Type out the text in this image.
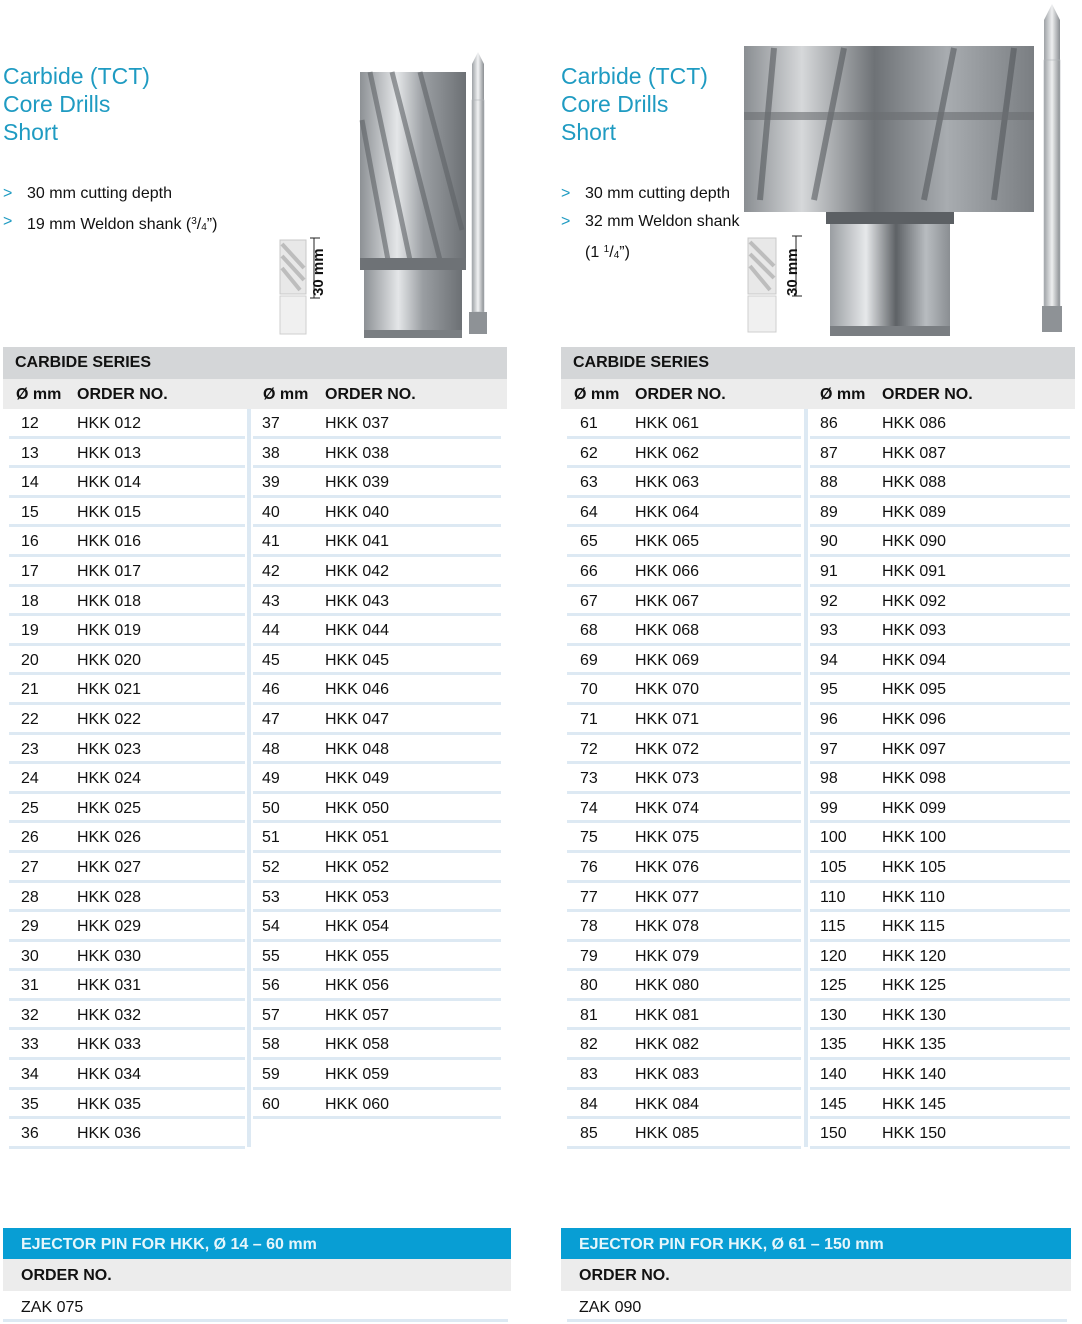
Carbide (TCT)
Core Drills
Short
> 30 mm cutting depth
> 19 mm Weldon shank ($^3$/4”)
30 mm
CARBIDE SERIES
Ø mm ORDER NO.	Ø mm ORDER NO.
12 HKK 012
13 HKK 013
14 HKK 014
15 HKK 015
16 HKK 016
17 HKK 017
18 HKK 018
19 HKK 019
20 HKK 020
21 HKK 021
22 HKK 022
23 HKK 023
24 HKK 024
25 HKK 025
26 HKK 026
27 HKK 027
28 HKK 028
29 HKK 029
30 HKK 030
31 HKK 031
32 HKK 032
33 HKK 033
34 HKK 034
35 HKK 035
36 HKK 036
37	HKK 037
38	HKK 038
39	HKK 039
40	HKK 040
41	HKK 041
42	HKK 042
43	HKK 043
44	HKK 044
45	HKK 045
46	HKK 046
47	HKK 047
48	HKK 048
49	HKK 049
50	HKK 050
51	HKK 051
52	HKK 052
53	HKK 053
54	HKK 054
55	HKK 055
56	HKK 056
57	HKK 057
58	HKK 058
59	HKK 059
60	HKK 060
EJECTOR PIN FOR HKK, Ø 14 – 60 mm
ORDER NO.
ZAK 075
Carbide (TCT)
Core Drills
Short
> 30 mm cutting depth
> 32 mm Weldon shank
(1 $^1$/4”)	30 mm
CARBIDE SERIES
Ø mm ORDER NO.	Ø mm ORDER NO.
61 HKK 061
62 HKK 062
63 HKK 063
64 HKK 064
65 HKK 065
66 HKK 066
67 HKK 067
68 HKK 068
69 HKK 069
70 HKK 070
71 HKK 071
72 HKK 072
73 HKK 073
74 HKK 074
75 HKK 075
76 HKK 076
77 HKK 077
78 HKK 078
79 HKK 079
80 HKK 080
81 HKK 081
82 HKK 082
83 HKK 083
84 HKK 084
85 HKK 085
86	HKK 086
87	HKK 087
88	HKK 088
89	HKK 089
90	HKK 090
91	HKK 091
92	HKK 092
93	HKK 093
94	HKK 094
95	HKK 095
96	HKK 096
97	HKK 097
98	HKK 098
99	HKK 099
100 HKK 100
105 HKK 105
110 HKK 110
115 HKK 115
120 HKK 120
125 HKK 125
130 HKK 130
135 HKK 135
140 HKK 140
145 HKK 145
150 HKK 150
EJECTOR PIN FOR HKK, Ø 61 – 150 mm
ORDER NO.
ZAK 090
